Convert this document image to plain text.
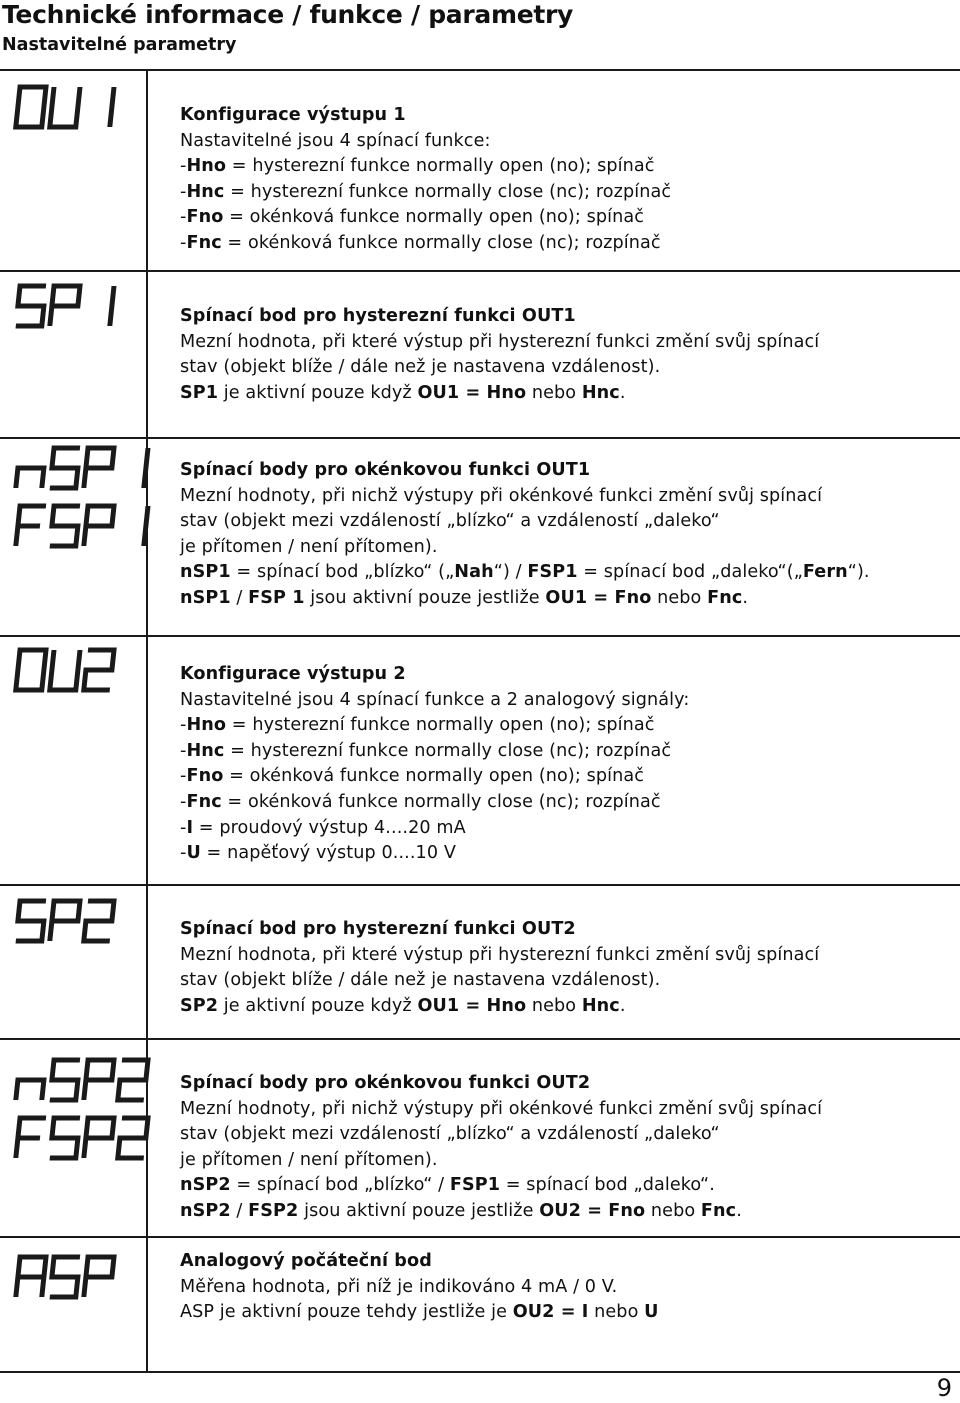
Technické informace / funkce / parametry
Nastavitelné parametry
Konfigurace výstupu 1
Nastavitelné jsou 4 spínací funkce:
-Hno = hysterezní funkce normally open (no); spínač
-Hnc = hysterezní funkce normally close (nc); rozpínač
-Fno = okénková funkce normally open (no); spínač
-Fnc = okénková funkce normally close (nc); rozpínač
Spínací bod pro hysterezní funkci OUT1
Mezní hodnota, při které výstup při hysterezní funkci změní svůj spínací
stav (objekt blíže / dále než je nastavena vzdálenost).
SP1 je aktivní pouze když OU1 = Hno nebo Hnc.
Spínací body pro okénkovou funkci OUT1
Mezní hodnoty, při nichž výstupy při okénkové funkci změní svůj spínací
stav (objekt mezi vzdáleností „blízko“ a vzdáleností „daleko“
je přítomen / není přítomen).
nSP1 = spínací bod „blízko“ („Nah“) / FSP1 = spínací bod „daleko“(„Fern“).
nSP1 / FSP 1 jsou aktivní pouze jestliže OU1 = Fno nebo Fnc.
Konfigurace výstupu 2
Nastavitelné jsou 4 spínací funkce a 2 analogový signály:
-Hno = hysterezní funkce normally open (no); spínač
-Hnc = hysterezní funkce normally close (nc); rozpínač
-Fno = okénková funkce normally open (no); spínač
-Fnc = okénková funkce normally close (nc); rozpínač
-I = proudový výstup 4....20 mA
-U = napěťový výstup 0....10 V
Spínací bod pro hysterezní funkci OUT2
Mezní hodnota, při které výstup při hysterezní funkci změní svůj spínací
stav (objekt blíže / dále než je nastavena vzdálenost).
SP2 je aktivní pouze když OU1 = Hno nebo Hnc.
Spínací body pro okénkovou funkci OUT2
Mezní hodnoty, při nichž výstupy při okénkové funkci změní svůj spínací
stav (objekt mezi vzdáleností „blízko“ a vzdáleností „daleko“
je přítomen / není přítomen).
nSP2 = spínací bod „blízko“ / FSP1 = spínací bod „daleko“.
nSP2 / FSP2 jsou aktivní pouze jestliže OU2 = Fno nebo Fnc.
Analogový počáteční bod
Měřena hodnota, při níž je indikováno 4 mA / 0 V.
ASP je aktivní pouze tehdy jestliže je OU2 = I nebo U
9
